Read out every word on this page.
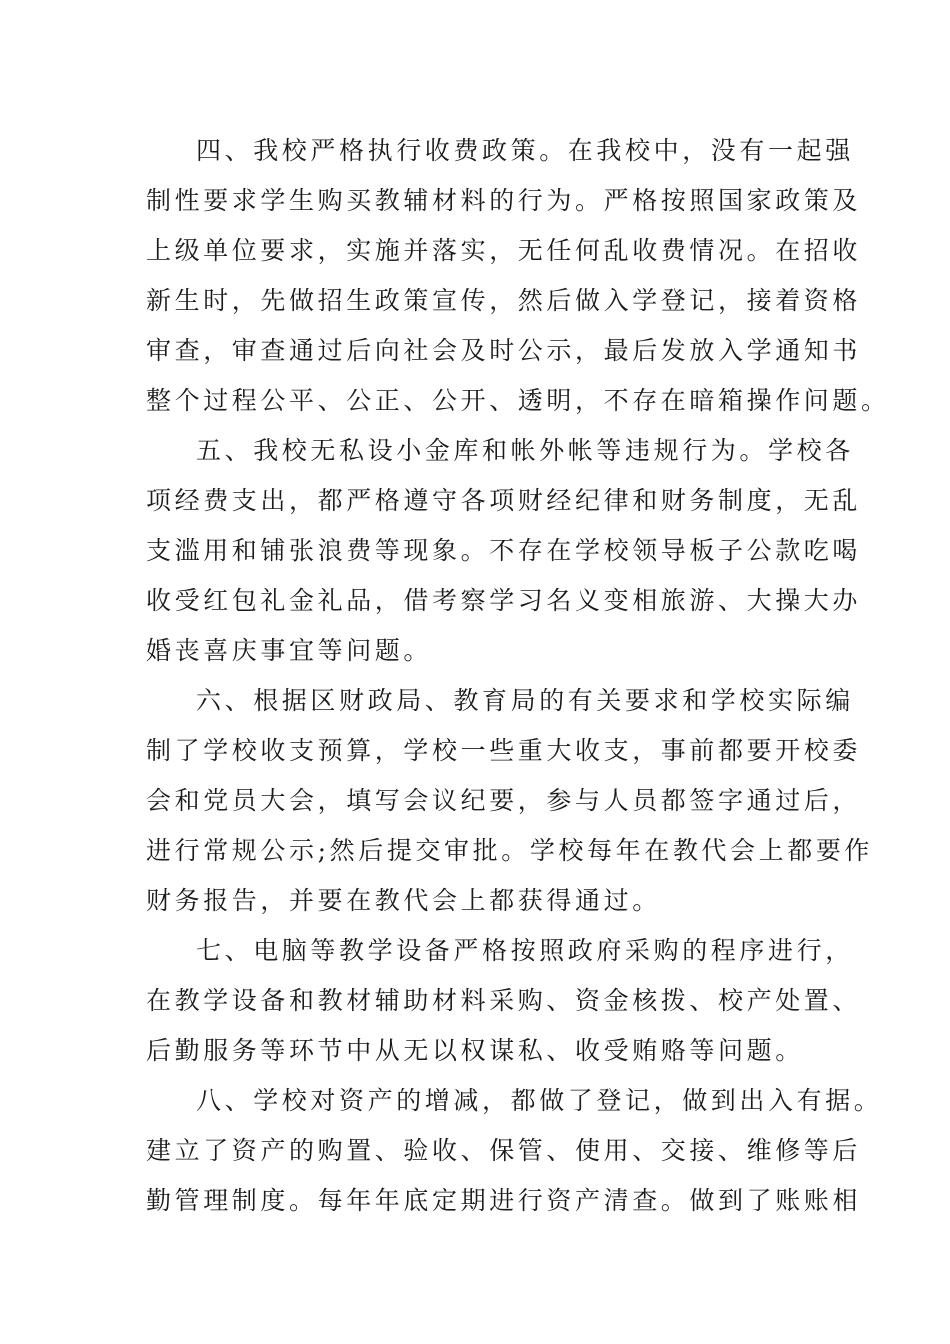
四、我校严格执行收费政策。在我校中，没有一起强
制性要求学生购买教辅材料的行为。严格按照国家政策及
上级单位要求，实施并落实，无任何乱收费情况。在招收
新生时，先做招生政策宣传，然后做入学登记，接着资格
审查，审查通过后向社会及时公示，最后发放入学通知书
整个过程公平、公正、公开、透明，不存在暗箱操作问题。
五、我校无私设小金库和帐外帐等违规行为。学校各
项经费支出，都严格遵守各项财经纪律和财务制度，无乱
支滥用和铺张浪费等现象。不存在学校领导板子公款吃喝
收受红包礼金礼品，借考察学习名义变相旅游、大操大办
婚丧喜庆事宜等问题。
六、根据区财政局、教育局的有关要求和学校实际编
制了学校收支预算，学校一些重大收支，事前都要开校委
会和党员大会，填写会议纪要，参与人员都签字通过后，
进行常规公示;然后提交审批。学校每年在教代会上都要作
财务报告，并要在教代会上都获得通过。
七、电脑等教学设备严格按照政府采购的程序进行，
在教学设备和教材辅助材料采购、资金核拨、校产处置、
后勤服务等环节中从无以权谋私、收受贿赂等问题。
八、学校对资产的增减，都做了登记，做到出入有据。
建立了资产的购置、验收、保管、使用、交接、维修等后
勤管理制度。每年年底定期进行资产清查。做到了账账相
